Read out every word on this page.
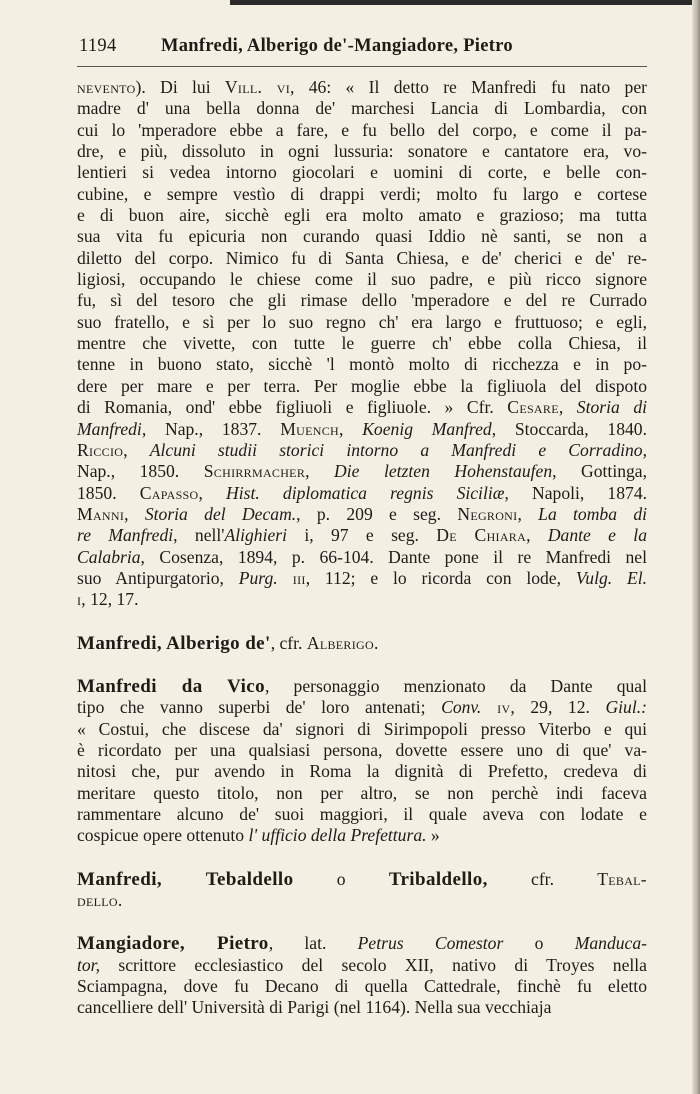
1194 Manfredi, Alberigo de'-Mangiadore, Pietro
nevento). Di lui Vill. vi, 46: « Il detto re Manfredi fu nato per
madre d' una bella donna de' marchesi Lancia di Lombardia, con
cui lo 'mperadore ebbe a fare, e fu bello del corpo, e come il pa-
dre, e più, dissoluto in ogni lussuria: sonatore e cantatore era, vo-
lentieri si vedea intorno giocolari e uomini di corte, e belle con-
cubine, e sempre vestìo di drappi verdi; molto fu largo e cortese
e di buon aire, sicchè egli era molto amato e grazioso; ma tutta
sua vita fu epicuria non curando quasi Iddio nè santi, se non a
diletto del corpo. Nimico fu di Santa Chiesa, e de' cherici e de' re-
ligiosi, occupando le chiese come il suo padre, e più ricco signore
fu, sì del tesoro che gli rimase dello 'mperadore e del re Currado
suo fratello, e sì per lo suo regno ch' era largo e fruttuoso; e egli,
mentre che vivette, con tutte le guerre ch' ebbe colla Chiesa, il
tenne in buono stato, sicchè 'l montò molto di ricchezza e in po-
dere per mare e per terra. Per moglie ebbe la figliuola del dispoto
di Romania, ond' ebbe figliuoli e figliuole. » Cfr. Cesare, Storia di
Manfredi, Nap., 1837. Muench, Koenig Manfred, Stoccarda, 1840.
Riccio, Alcuni studii storici intorno a Manfredi e Corradino,
Nap., 1850. Schirrmacher, Die letzten Hohenstaufen, Gottinga,
1850. Capasso, Hist. diplomatica regnis Siciliæ, Napoli, 1874.
Manni, Storia del Decam., p. 209 e seg. Negroni, La tomba di
re Manfredi, nell'Alighieri i, 97 e seg. De Chiara, Dante e la
Calabria, Cosenza, 1894, p. 66-104. Dante pone il re Manfredi nel
suo Antipurgatorio, Purg. iii, 112; e lo ricorda con lode, Vulg. El.
i, 12, 17.
Manfredi, Alberigo de', cfr. Alberigo.
Manfredi da Vico, personaggio menzionato da Dante qual
tipo che vanno superbi de' loro antenati; Conv. iv, 29, 12. Giul.:
« Costui, che discese da' signori di Sirimpopoli presso Viterbo e qui
è ricordato per una qualsiasi persona, dovette essere uno di que' va-
nitosi che, pur avendo in Roma la dignità di Prefetto, credeva di
meritare questo titolo, non per altro, se non perchè indi faceva
rammentare alcuno de' suoi maggiori, il quale aveva con lodate e
cospicue opere ottenuto l' ufficio della Prefettura. »
Manfredi, Tebaldello o Tribaldello, cfr. Tebal-
dello.
Mangiadore, Pietro, lat. Petrus Comestor o Manduca-
tor, scrittore ecclesiastico del secolo XII, nativo di Troyes nella
Sciampagna, dove fu Decano di quella Cattedrale, finchè fu eletto
cancelliere dell' Università di Parigi (nel 1164). Nella sua vecchiaja
